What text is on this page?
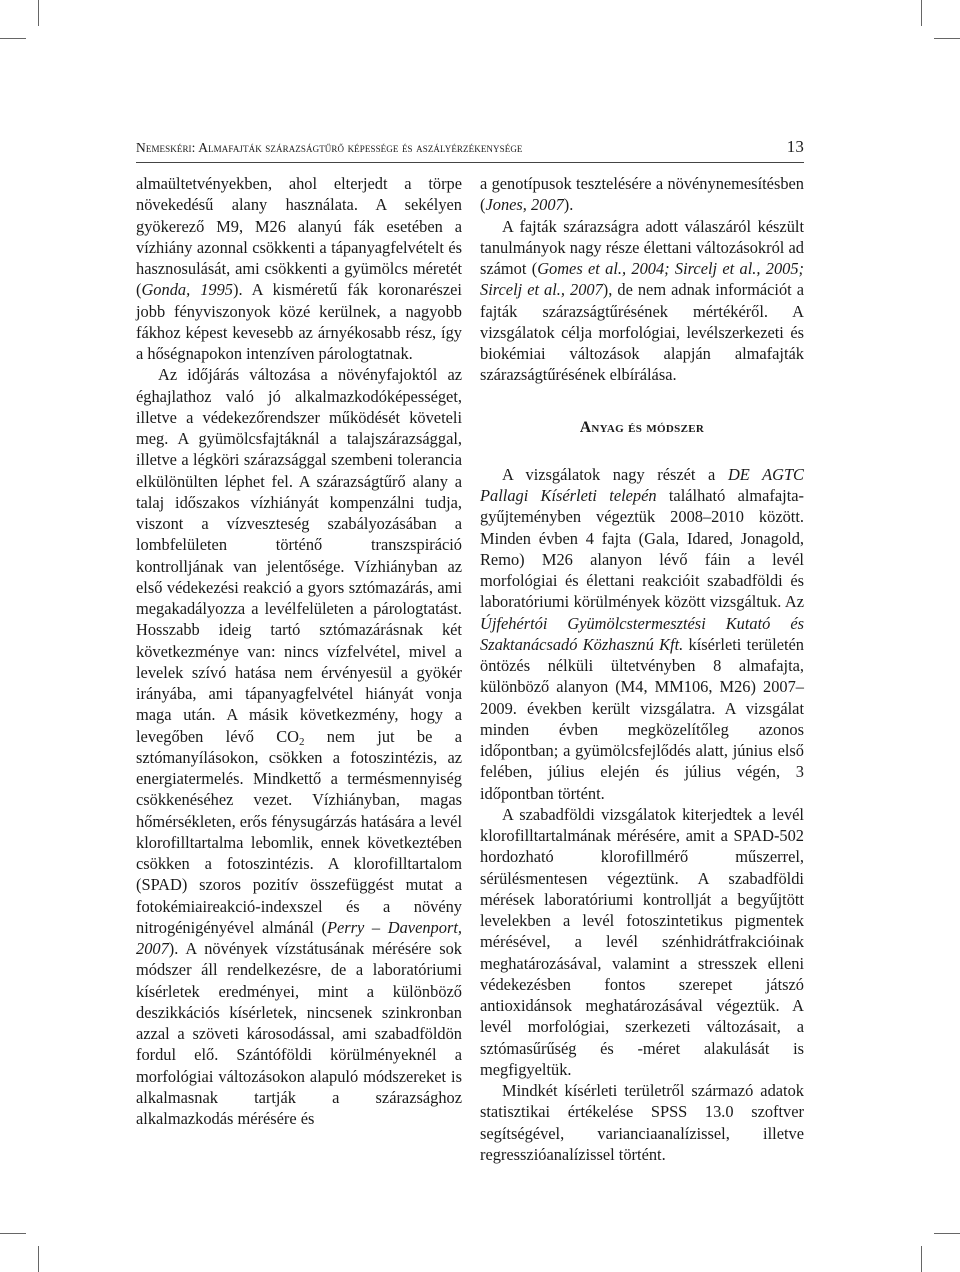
Nemeskéri: Almafajták szárazságtűrő képessége és aszályérzékenysége	13

almaültetvényekben, ahol elterjedt a törpe növekedésű alany használata. A sekélyen gyökerező M9, M26 alanyú fák esetében a vízhiány azonnal csökkenti a tápanyagfelvételt és hasznosulását, ami csökkenti a gyümölcs méretét (Gonda, 1995). A kisméretű fák koronarészei jobb fényviszonyok közé kerülnek, a nagyobb fákhoz képest kevesebb az árnyékosabb rész, így a hőségnapokon intenzíven párologtatnak.

Az időjárás változása a növényfajoktól az éghajlathoz való jó alkalmazkodóképességet, illetve a védekezőrendszer működését követeli meg. A gyümölcsfajtáknál a talajszárazsággal, illetve a légköri szárazsággal szembeni tolerancia elkülönülten léphet fel. A szárazságtűrő alany a talaj időszakos vízhiányát kompenzálni tudja, viszont a vízveszteség szabályozásában a lombfelületen történő transzspiráció kontrolljának van jelentősége. Vízhiányban az első védekezési reakció a gyors sztómazárás, ami megakadályozza a levélfelületen a párologtatást. Hosszabb ideig tartó sztómazárásnak két következménye van: nincs vízfelvétel, mivel a levelek szívó hatása nem érvényesül a gyökér irányába, ami tápanyagfelvétel hiányát vonja maga után. A másik következmény, hogy a levegőben lévő $CO_2$ nem jut be a sztómanyílásokon, csökken a fotoszintézis, az energiatermelés. Mindkettő a termésmennyiség csökkenéséhez vezet. Vízhiányban, magas hőmérsékleten, erős fénysugárzás hatására a levél klorofilltartalma lebomlik, ennek következtében csökken a fotoszintézis. A klorofilltartalom (SPAD) szoros pozitív összefüggést mutat a fotokémiaireakció-indexszel és a növény nitrogénigényével almánál (Perry – Davenport, 2007). A növények vízstátusának mérésére sok módszer áll rendelkezésre, de a laboratóriumi kísérletek eredményei, mint a különböző deszikkációs kísérletek, nincsenek szinkronban azzal a szöveti károsodással, ami szabadföldön fordul elő. Szántóföldi körülményeknél a morfológiai változásokon alapuló módszereket is alkalmasnak tartják a szárazsághoz alkalmazkodás mérésére és

a genotípusok tesztelésére a növénynemesítésben (Jones, 2007).

A fajták szárazságra adott válaszáról készült tanulmányok nagy része élettani változásokról ad számot (Gomes et al., 2004; Sircelj et al., 2005; Sircelj et al., 2007), de nem adnak információt a fajták szárazságtűrésének mértékéről. A vizsgálatok célja morfológiai, levélszerkezeti és biokémiai változások alapján almafajták szárazságtűrésének elbírálása.

Anyag és módszer

A vizsgálatok nagy részét a DE AGTC Pallagi Kísérleti telepén található almafajta-gyűjteményben végeztük 2008–2010 között. Minden évben 4 fajta (Gala, Idared, Jonagold, Remo) M26 alanyon lévő fáin a levél morfológiai és élettani reakcióit szabadföldi és laboratóriumi körülmények között vizsgáltuk. Az Újfehértói Gyümölcstermesztési Kutató és Szaktanácsadó Közhasznú Kft. kísérleti területén öntözés nélküli ültetvényben 8 almafajta, különböző alanyon (M4, MM106, M26) 2007–2009. években került vizsgálatra. A vizsgálat minden évben megközelítőleg azonos időpontban; a gyümölcsfejlődés alatt, június első felében, július elején és július végén, 3 időpontban történt.

A szabadföldi vizsgálatok kiterjedtek a levél klorofilltartalmának mérésére, amit a SPAD-502 hordozható klorofillmérő műszerrel, sérülésmentesen végeztünk. A szabadföldi mérések laboratóriumi kontrollját a begyűjtött levelekben a levél fotoszintetikus pigmentek mérésével, a levél szénhidrátfrakcióinak meghatározásával, valamint a stresszek elleni védekezésben fontos szerepet játszó antioxidánsok meghatározásával végeztük. A levél morfológiai, szerkezeti változásait, a sztómasűrűség és -méret alakulását is megfigyeltük.

Mindkét kísérleti területről származó adatok statisztikai értékelése SPSS 13.0 szoftver segítségével, varianciaanalízissel, illetve regresszióanalízissel történt.
